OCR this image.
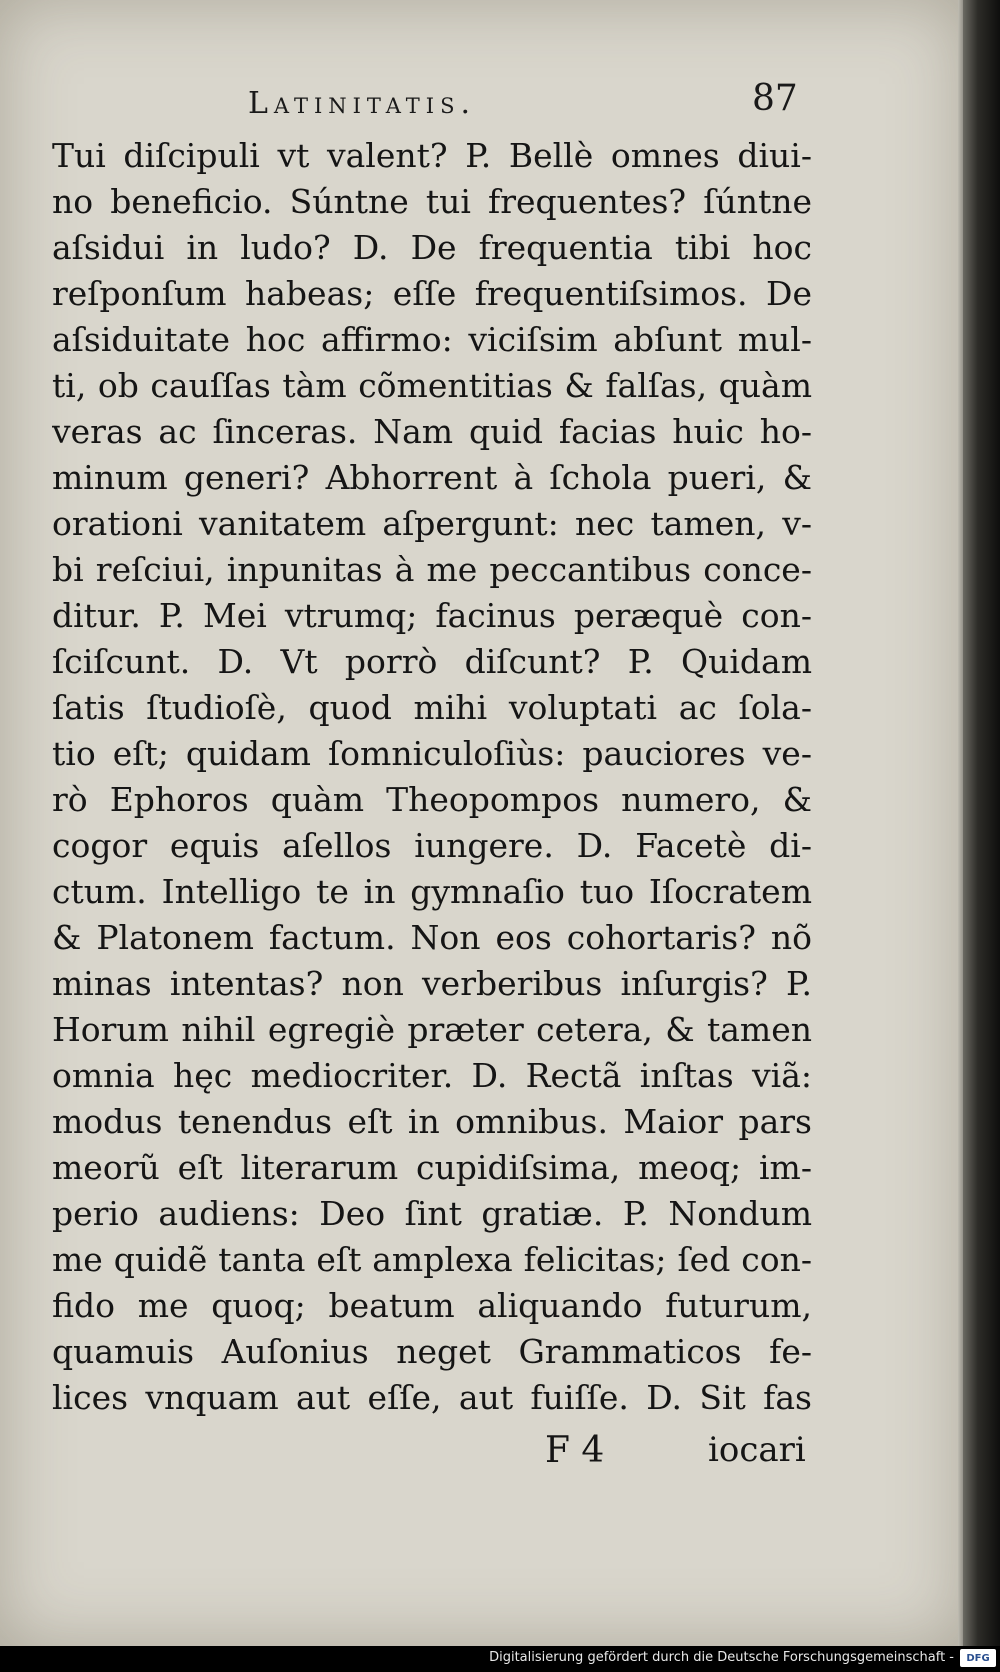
Latinitatis.	87
Tui diſcipuli vt valent? P. Bellè omnes diui-
no beneficio. Súntne tui frequentes? ſúntne
aſsidui in ludo? D. De frequentia tibi hoc
reſponſum habeas; eſſe frequentiſsimos. De
aſsiduitate hoc affirmo: viciſsim abſunt mul-
ti, ob cauſſas tàm cõmentitias & falſas, quàm
veras ac ſinceras. Nam quid facias huic ho-
minum generi? Abhorrent à ſchola pueri, &
orationi vanitatem aſpergunt: nec tamen, v-
bi reſciui, inpunitas à me peccantibus conce-
ditur. P. Mei vtrumq; facinus peræquè con-
ſciſcunt. D. Vt porrò diſcunt? P. Quidam
ſatis ſtudioſè, quod mihi voluptati ac ſola-
tio eſt; quidam ſomniculoſiùs: pauciores ve-
rò Ephoros quàm Theopompos numero, &
cogor equis aſellos iungere. D. Facetè di-
ctum. Intelligo te in gymnaſio tuo Iſocratem
& Platonem factum. Non eos cohortaris? nõ
minas intentas? non verberibus inſurgis? P.
Horum nihil egregiè præter cetera, & tamen
omnia hęc mediocriter. D. Rectã inſtas viã:
modus tenendus eſt in omnibus. Maior pars
meorũ eſt literarum cupidiſsima, meoq; im-
perio audiens: Deo ſint gratiæ. P. Nondum
me quidẽ tanta eſt amplexa felicitas; ſed con-
fido me quoq; beatum aliquando futurum,
quamuis Auſonius neget Grammaticos fe-
lices vnquam aut eſſe, aut fuiſſe. D. Sit fas
F 4	iocari
Digitalisierung gefördert durch die Deutsche Forschungsgemeinschaft - DFG
